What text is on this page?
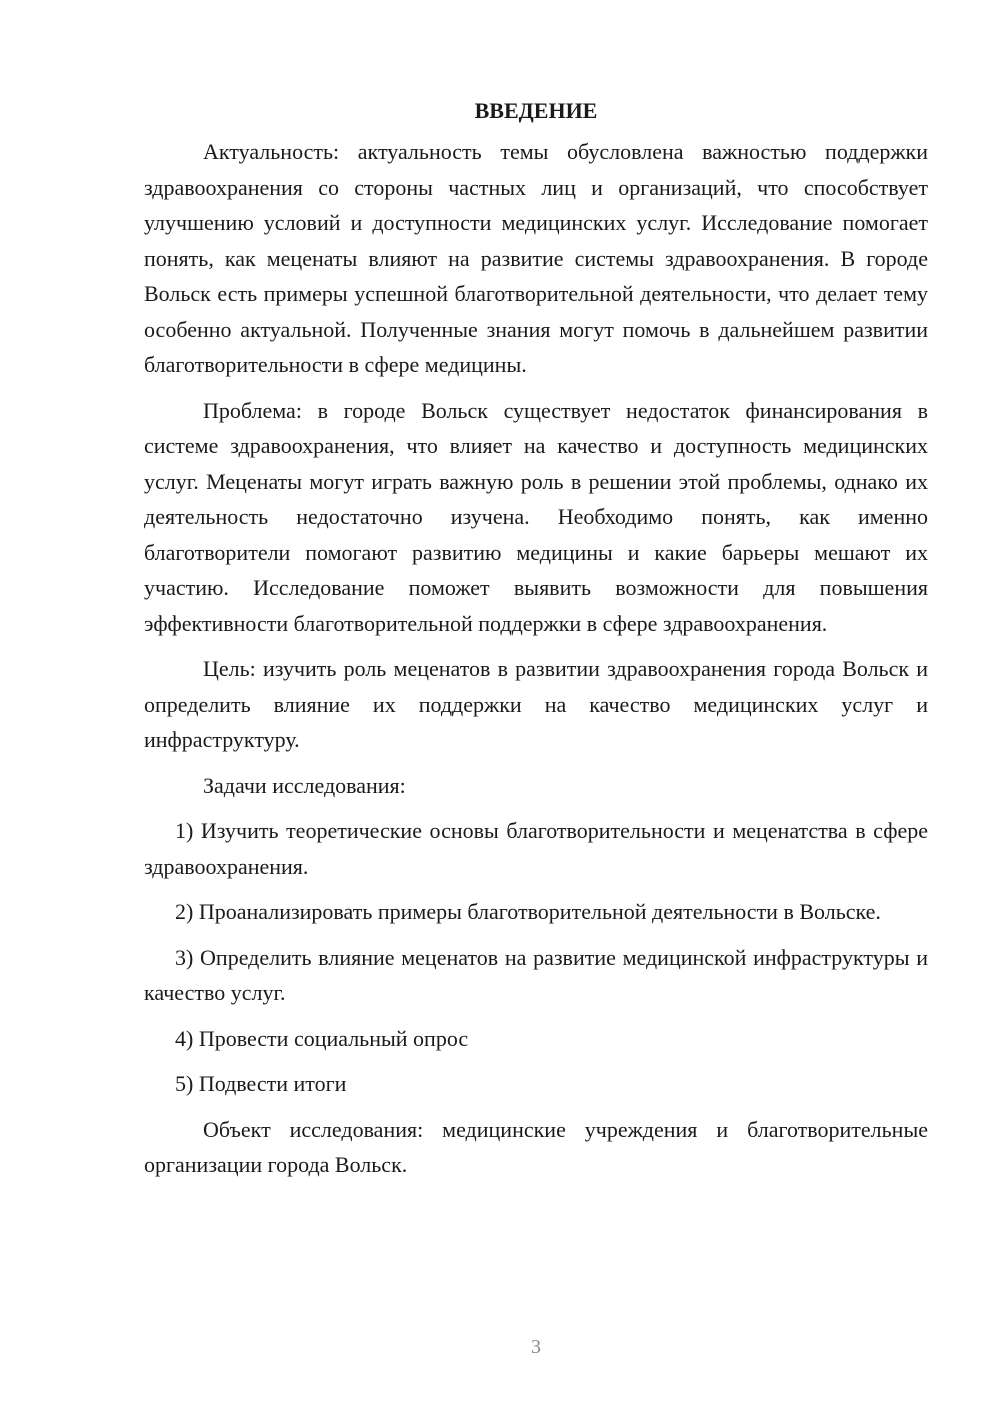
ВВЕДЕНИЕ

Актуальность: актуальность темы обусловлена важностью поддержки здравоохранения со стороны частных лиц и организаций, что способствует улучшению условий и доступности медицинских услуг. Исследование помогает понять, как меценаты влияют на развитие системы здравоохранения. В городе Вольск есть примеры успешной благотворительной деятельности, что делает тему особенно актуальной. Полученные знания могут помочь в дальнейшем развитии благотворительности в сфере медицины.

Проблема: в городе Вольск существует недостаток финансирования в системе здравоохранения, что влияет на качество и доступность медицинских услуг. Меценаты могут играть важную роль в решении этой проблемы, однако их деятельность недостаточно изучена. Необходимо понять, как именно благотворители помогают развитию медицины и какие барьеры мешают их участию. Исследование поможет выявить возможности для повышения эффективности благотворительной поддержки в сфере здравоохранения.

Цель: изучить роль меценатов в развитии здравоохранения города Вольск и определить влияние их поддержки на качество медицинских услуг и инфраструктуру.

Задачи исследования:

1) Изучить теоретические основы благотворительности и меценатства в сфере здравоохранения.

2) Проанализировать примеры благотворительной деятельности в Вольске.

3) Определить влияние меценатов на развитие медицинской инфраструктуры и качество услуг.

4) Провести социальный опрос

5) Подвести итоги

Объект исследования: медицинские учреждения и благотворительные организации города Вольск.

3
